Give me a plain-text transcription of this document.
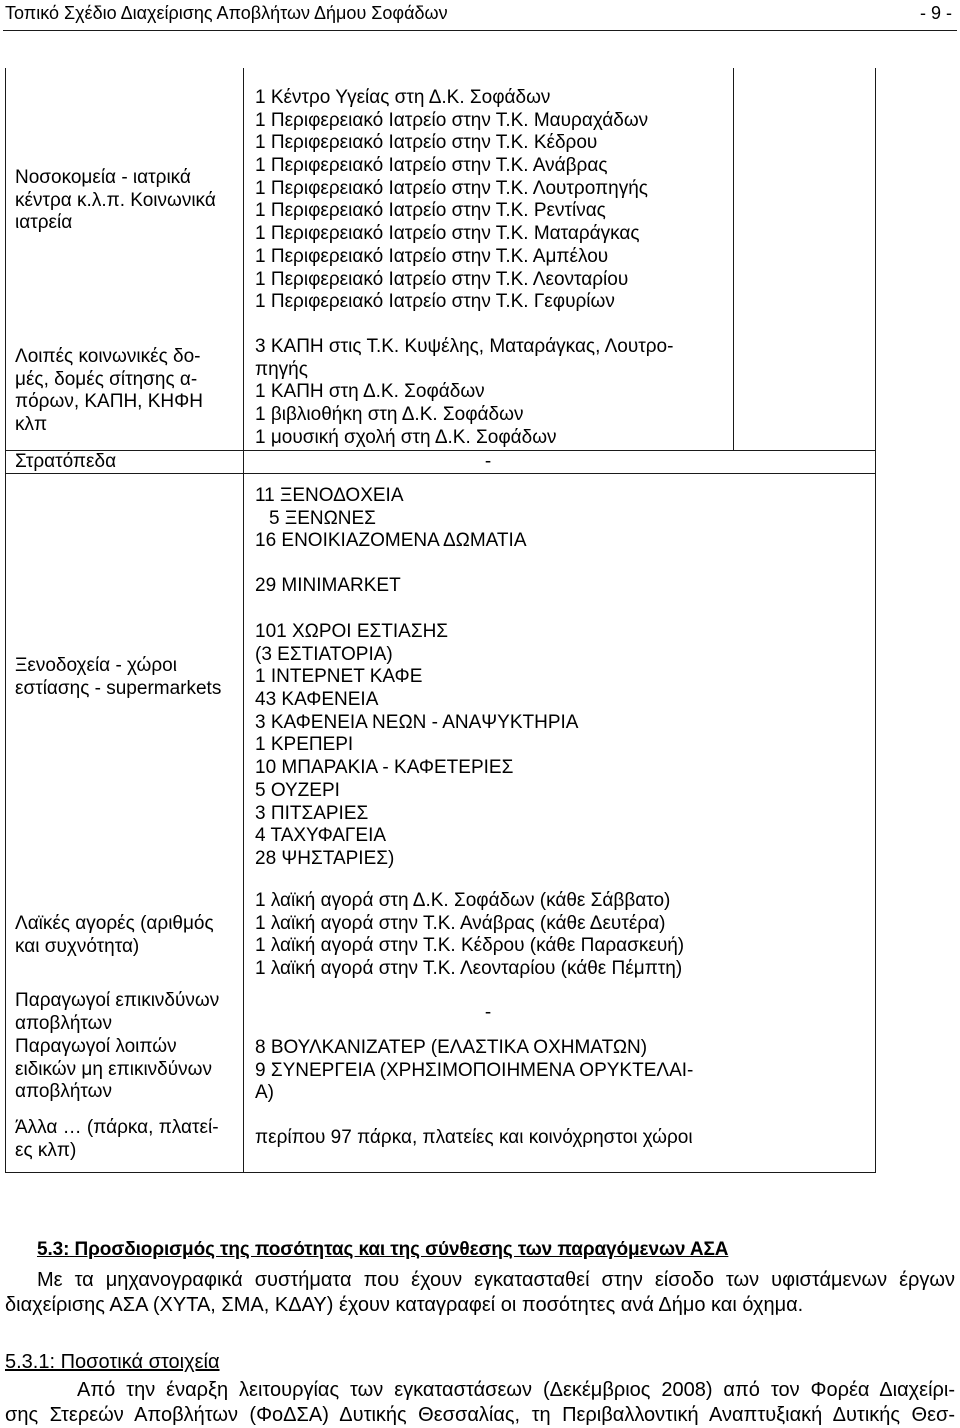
Τοπικό Σχέδιο Διαχείρισης Αποβλήτων Δήμου Σοφάδων	- 9 -
Νοσοκομεία - ιατρικά
κέντρα κ.λ.π. Κοινωνικά
ιατρεία
1 Κέντρο Υγείας στη Δ.Κ. Σοφάδων
1 Περιφερειακό Ιατρείο στην Τ.Κ. Μαυραχάδων
1 Περιφερειακό Ιατρείο στην Τ.Κ. Κέδρου
1 Περιφερειακό Ιατρείο στην Τ.Κ. Ανάβρας
1 Περιφερειακό Ιατρείο στην Τ.Κ. Λουτροπηγής
1 Περιφερειακό Ιατρείο στην Τ.Κ. Ρεντίνας
1 Περιφερειακό Ιατρείο στην Τ.Κ. Ματαράγκας
1 Περιφερειακό Ιατρείο στην Τ.Κ. Αμπέλου
1 Περιφερειακό Ιατρείο στην Τ.Κ. Λεονταρίου
1 Περιφερειακό Ιατρείο στην Τ.Κ. Γεφυρίων
Λοιπές κοινωνικές δο-
μές, δομές σίτησης α-
πόρων, ΚΑΠΗ, ΚΗΦΗ
κλπ
3 ΚΑΠΗ στις Τ.Κ. Κυψέλης, Ματαράγκας, Λουτρο-
πηγής
1 ΚΑΠΗ στη Δ.Κ. Σοφάδων
1 βιβλιοθήκη στη Δ.Κ. Σοφάδων
1 μουσική σχολή στη Δ.Κ. Σοφάδων
Στρατόπεδα	-
Ξενοδοχεία - χώροι
εστίασης - supermarkets
11 ΞΕΝΟΔΟΧΕΙΑ
5 ΞΕΝΩΝΕΣ
16 ΕΝΟΙΚΙΑΖΟΜΕΝΑ ΔΩΜΑΤΙΑ
29 MINIMARKET
101 ΧΩΡΟΙ ΕΣΤΙΑΣΗΣ
(3 ΕΣΤΙΑΤΟΡΙΑ)
1 ΙΝΤΕΡΝΕΤ ΚΑΦΕ
43 ΚΑΦΕΝΕΙΑ
3 ΚΑΦΕΝΕΙΑ ΝΕΩΝ - ΑΝΑΨΥΚΤΗΡΙΑ
1 ΚΡΕΠΕΡΙ
10 ΜΠΑΡΑΚΙΑ - ΚΑΦΕΤΕΡΙΕΣ
5 ΟΥΖΕΡΙ
3 ΠΙΤΣΑΡΙΕΣ
4 ΤΑΧΥΦΑΓΕΙΑ
28 ΨΗΣΤΑΡΙΕΣ)
Λαϊκές αγορές (αριθμός
και συχνότητα)
1 λαϊκή αγορά στη Δ.Κ. Σοφάδων (κάθε Σάββατο)
1 λαϊκή αγορά στην Τ.Κ. Ανάβρας (κάθε Δευτέρα)
1 λαϊκή αγορά στην Τ.Κ. Κέδρου (κάθε Παρασκευή)
1 λαϊκή αγορά στην Τ.Κ. Λεονταρίου (κάθε Πέμπτη)
Παραγωγοί επικινδύνων
αποβλήτων
-
Παραγωγοί λοιπών
ειδικών μη επικινδύνων
αποβλήτων
8 ΒΟΥΛΚΑΝΙΖΑΤΕΡ (ΕΛΑΣΤΙΚΑ ΟΧΗΜΑΤΩΝ)
9 ΣΥΝΕΡΓΕΙΑ (ΧΡΗΣΙΜΟΠΟΙΗΜΕΝΑ ΟΡΥΚΤΕΛΑΙ-
Α)
Άλλα … (πάρκα, πλατεί-
ες κλπ)
περίπου 97 πάρκα, πλατείες και κοινόχρηστοι χώροι
5.3: Προσδιορισμός της ποσότητας και της σύνθεσης των παραγόμενων ΑΣΑ
Με τα μηχανογραφικά συστήματα που έχουν εγκατασταθεί στην είσοδο των υφιστάμενων έργων
διαχείρισης ΑΣΑ (ΧΥΤΑ, ΣΜΑ, ΚΔΑΥ) έχουν καταγραφεί οι ποσότητες ανά Δήμο και όχημα.
5.3.1: Ποσοτικά στοιχεία
Από την έναρξη λειτουργίας των εγκαταστάσεων (Δεκέμβριος 2008) από τον Φορέα Διαχείρι-
σης Στερεών Αποβλήτων (ΦοΔΣΑ) Δυτικής Θεσσαλίας, τη Περιβαλλοντική Αναπτυξιακή Δυτικής Θεσ-
